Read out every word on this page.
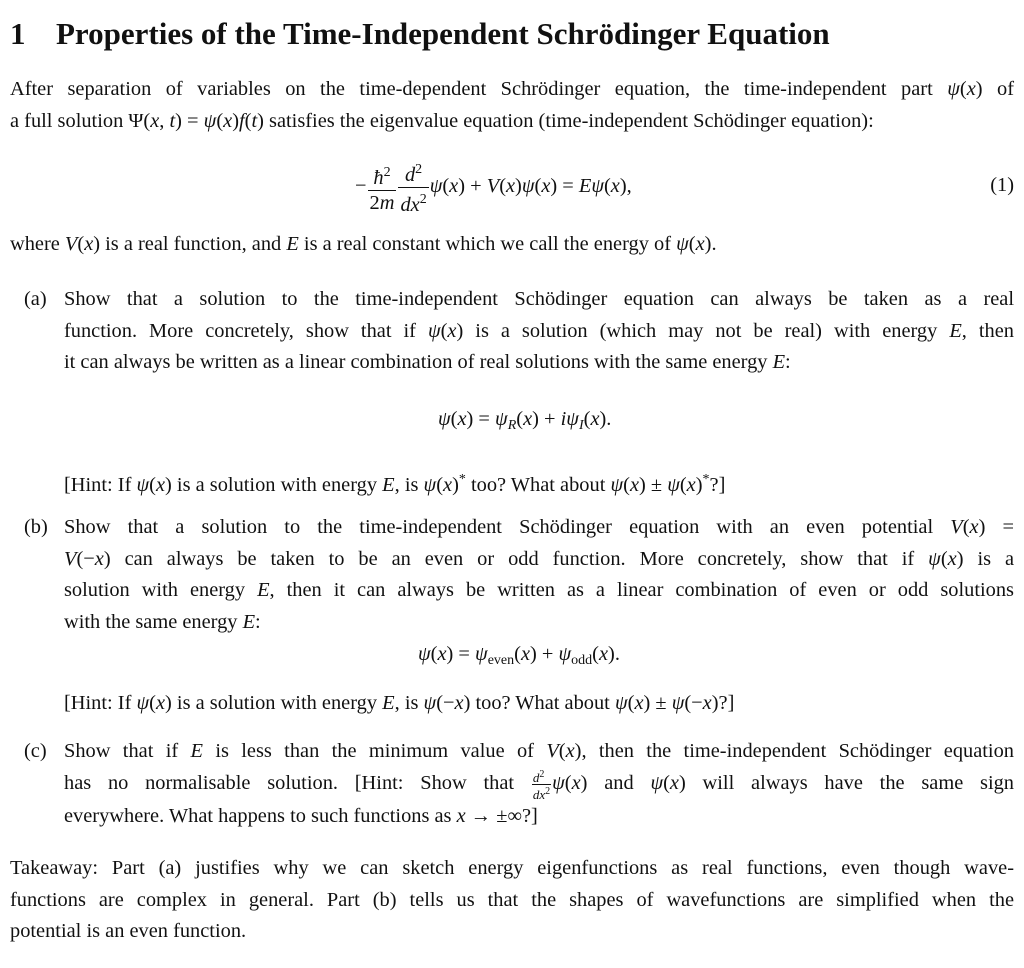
1 Properties of the Time-Independent Schrödinger Equation
After separation of variables on the time-dependent Schrödinger equation, the time-independent part ψ(x) of
a full solution Ψ(x, t) = ψ(x)f(t) satisfies the eigenvalue equation (time-independent Schödinger equation):
− $\frac{ħ^2}{2m} \frac{d^2}{dx^2} \psi(x) + V(x)\psi(x) = E\psi(x)$,	(1)
where V(x) is a real function, and E is a real constant which we call the energy of ψ(x).
(a) Show that a solution to the time-independent Schödinger equation can always be taken as a real
function. More concretely, show that if ψ(x) is a solution (which may not be real) with energy E, then
it can always be written as a linear combination of real solutions with the same energy E:
ψ(x) = ψR(x) + iψI(x).
[Hint: If ψ(x) is a solution with energy E, is ψ(x)* too? What about ψ(x) ± ψ(x)*?]
(b) Show that a solution to the time-independent Schödinger equation with an even potential V(x) =
V(−x) can always be taken to be an even or odd function. More concretely, show that if ψ(x) is a
solution with energy E, then it can always be written as a linear combination of even or odd solutions
with the same energy E:
$\psi(x) = \psi_{even}(x) + \psi_{odd}(x)$.
[Hint: If ψ(x) is a solution with energy E, is ψ(−x) too? What about ψ(x) ± ψ(−x)?]
(c) Show that if E is less than the minimum value of V(x), then the time-independent Schödinger equation
has no normalisable solution. [Hint: Show that $\frac{d^2}{dx^2} \psi(x)$ and ψ(x) will always have the same sign
everywhere. What happens to such functions as x → ±∞?]
Takeaway: Part (a) justifies why we can sketch energy eigenfunctions as real functions, even though wave-
functions are complex in general. Part (b) tells us that the shapes of wavefunctions are simplified when the
potential is an even function.
